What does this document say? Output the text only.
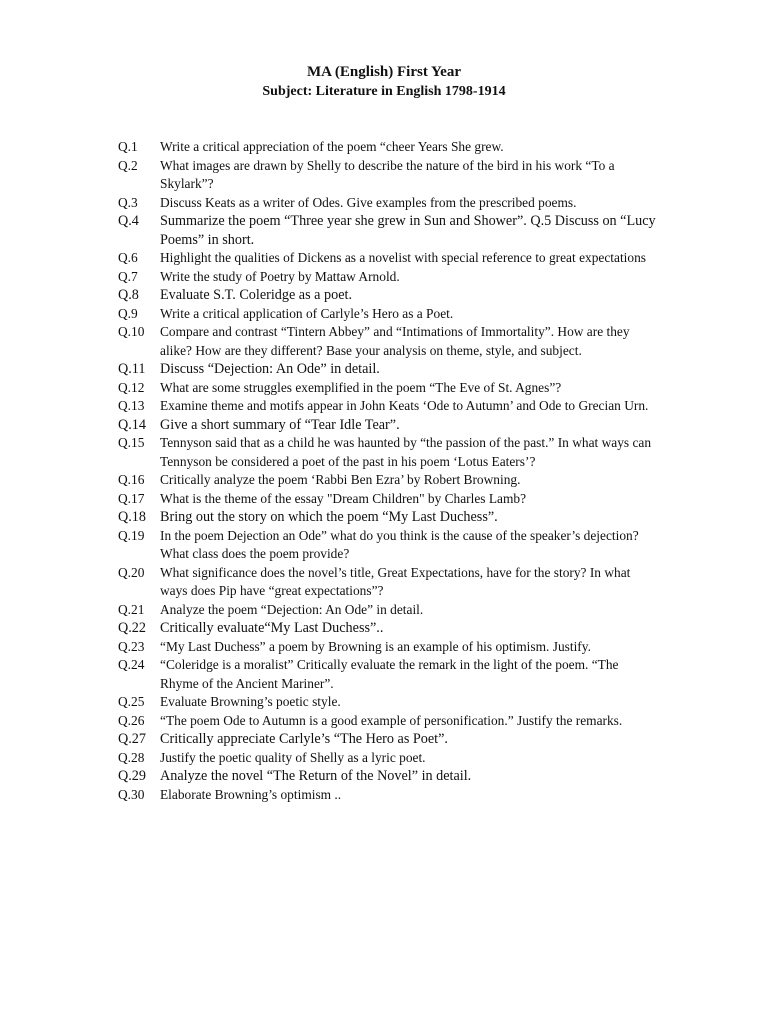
MA (English) First Year

Subject: Literature in English 1798-1914

Q.1	Write a critical appreciation of the poem “cheer Years She grew.
Q.2	What images are drawn by Shelly to describe the nature of the bird in his work “To a Skylark”?
Q.3	Discuss Keats as a writer of Odes. Give examples from the prescribed poems.
Q.4	Summarize the poem “Three year she grew in Sun and Shower”. Q.5 Discuss on “Lucy Poems” in short.
Q.6	Highlight the qualities of Dickens as a novelist with special reference to great expectations
Q.7	Write the study of Poetry by Mattaw Arnold.
Q.8	Evaluate S.T. Coleridge as a poet.
Q.9	Write a critical application of Carlyle’s Hero as a Poet.
Q.10	Compare and contrast “Tintern Abbey” and “Intimations of Immortality”. How are they alike? How are they different? Base your analysis on theme, style, and subject.
Q.11	Discuss “Dejection: An Ode” in detail.
Q.12	What are some struggles exemplified in the poem “The Eve of St. Agnes”?
Q.13	Examine theme and motifs appear in John Keats ‘Ode to Autumn’ and Ode to Grecian Urn.
Q.14 Give a short summary of “Tear Idle Tear”.
Q.15	Tennyson said that as a child he was haunted by “the passion of the past.” In what ways can Tennyson be considered a poet of the past in his poem ‘Lotus Eaters’?
Q.16	Critically analyze the poem ‘Rabbi Ben Ezra’ by Robert Browning.
Q.17	What is the theme of the essay "Dream Children" by Charles Lamb?
Q.18 Bring out the story on which the poem “My Last Duchess”.
Q.19	In the poem Dejection an Ode” what do you think is the cause of the speaker’s dejection? What class does the poem provide?
Q.20	What significance does the novel’s title, Great Expectations, have for the story? In what ways does Pip have “great expectations”?
Q.21	Analyze the poem “Dejection: An Ode” in detail.
Q.22 Critically evaluate“My Last Duchess”..
Q.23	“My Last Duchess” a poem by Browning is an example of his optimism. Justify.
Q.24	“Coleridge is a moralist” Critically evaluate the remark in the light of the poem. “The Rhyme of the Ancient Mariner”.
Q.25	Evaluate Browning’s poetic style.
Q.26	“The poem Ode to Autumn is a good example of personification.” Justify the remarks.
Q.27 Critically appreciate Carlyle’s “The Hero as Poet”.
Q.28	Justify the poetic quality of Shelly as a lyric poet.
Q.29 Analyze the novel “The Return of the Novel” in detail.
Q.30	Elaborate Browning’s optimism ..
